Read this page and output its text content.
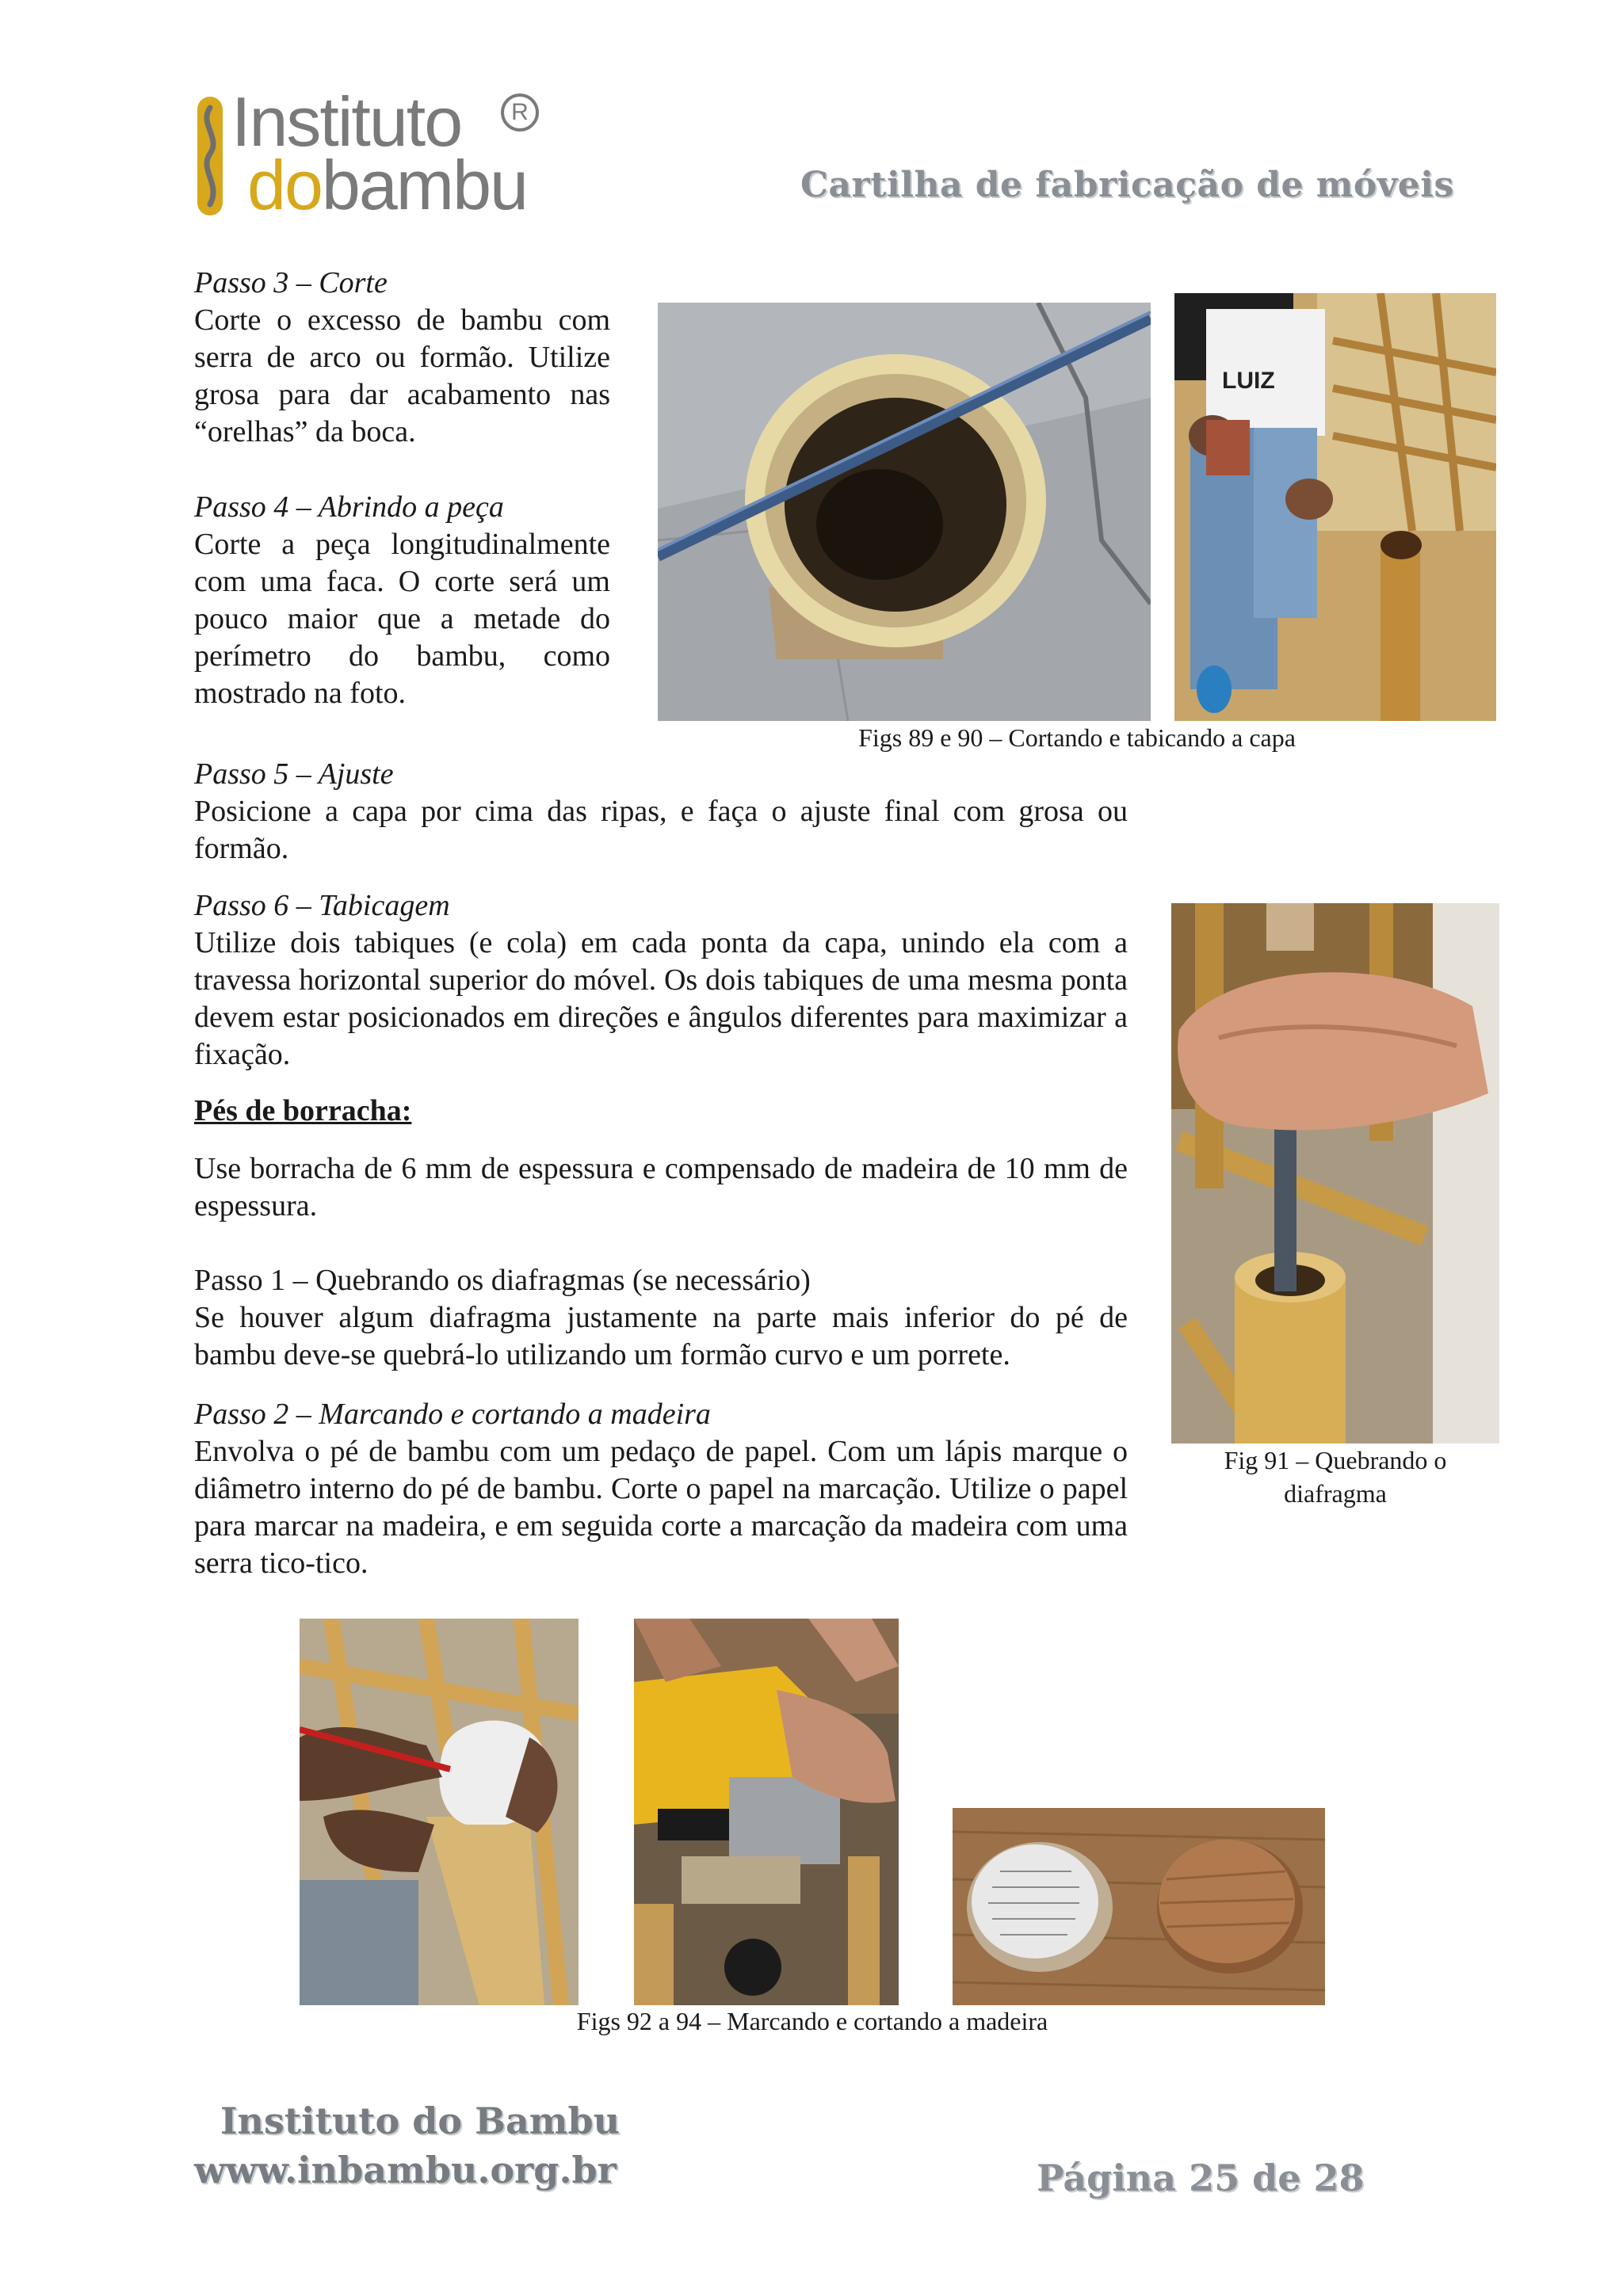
Instituto
dobambu
R
Cartilha de fabricação de móveis
Passo 3 – Corte
Corte o excesso de bambu com serra de arco ou formão. Utilize grosa para dar acabamento nas “orelhas” da boca.
Passo 4 – Abrindo a peça
Corte a peça longitudinalmente com uma faca. O corte será um pouco maior que a metade do perímetro do bambu, como mostrado na foto.
LUIZ
Figs 89 e 90 – Cortando e tabicando a capa
Passo 5 – Ajuste
Posicione a capa por cima das ripas, e faça o ajuste final com grosa ou formão.
Passo 6 – Tabicagem
Utilize dois tabiques (e cola) em cada ponta da capa, unindo ela com a travessa horizontal superior do móvel. Os dois tabiques de uma mesma ponta devem estar posicionados em direções e ângulos diferentes para maximizar a fixação.
Pés de borracha:
Use borracha de 6 mm de espessura e compensado de madeira de 10 mm de espessura.
Passo 1 – Quebrando os diafragmas (se necessário)
Se houver algum diafragma justamente na parte mais inferior do pé de bambu deve-se quebrá-lo utilizando um formão curvo e um porrete.
Passo 2 – Marcando e cortando a madeira
Envolva o pé de bambu com um pedaço de papel. Com um lápis marque o diâmetro interno do pé de bambu. Corte o papel na marcação. Utilize o papel para marcar na madeira, e em seguida corte a marcação da madeira com uma serra tico-tico.
Fig 91 – Quebrando o
diafragma
Figs 92 a 94 – Marcando e cortando a madeira
Instituto do Bambu
www.inbambu.org.br	Página 25 de 28
